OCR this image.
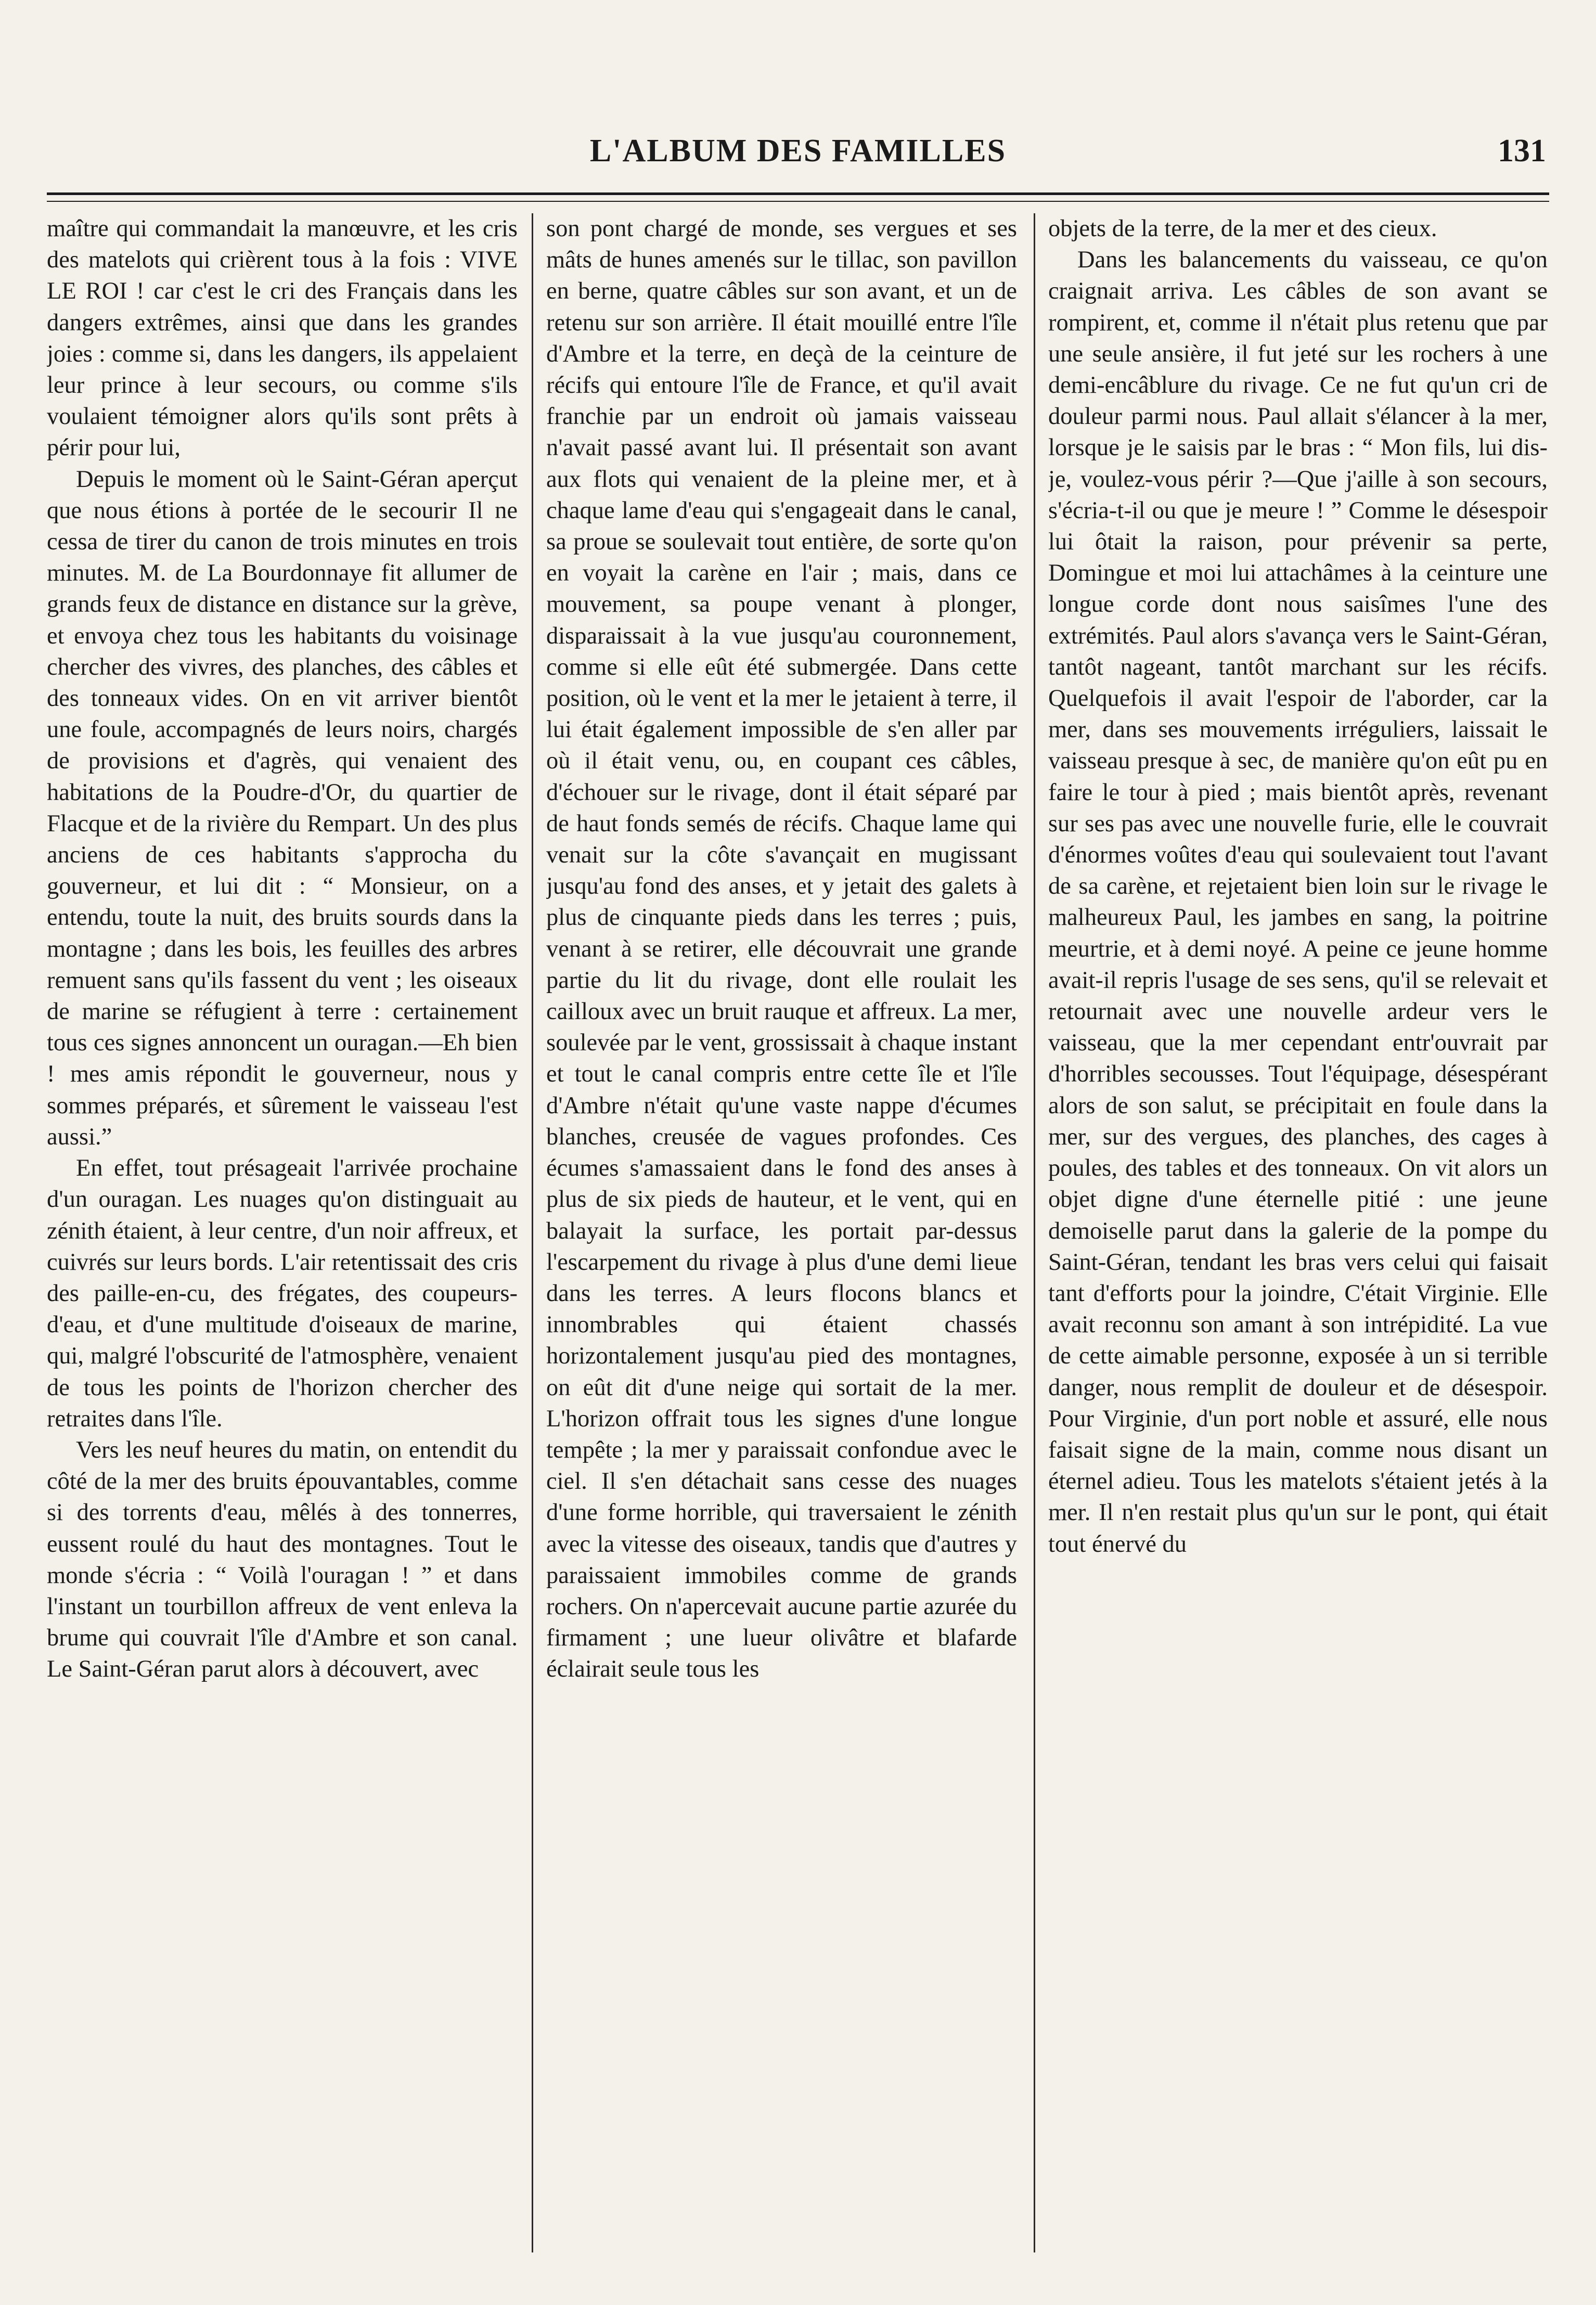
L'ALBUM DES FAMILLES	131

maître qui commandait la manœuvre, et les cris des matelots qui crièrent tous à la fois : VIVE LE ROI ! car c'est le cri des Français dans les dangers extrêmes, ainsi que dans les grandes joies : comme si, dans les dangers, ils appelaient leur prince à leur secours, ou comme s'ils voulaient témoigner alors qu'ils sont prêts à périr pour lui,

Depuis le moment où le Saint-Géran aperçut que nous étions à portée de le secourir Il ne cessa de tirer du canon de trois minutes en trois minutes. M. de La Bourdonnaye fit allumer de grands feux de distance en distance sur la grève, et envoya chez tous les habitants du voisinage chercher des vivres, des planches, des câbles et des tonneaux vides. On en vit arriver bientôt une foule, accompagnés de leurs noirs, chargés de provisions et d'agrès, qui venaient des habitations de la Poudre-d'Or, du quartier de Flacque et de la rivière du Rempart. Un des plus anciens de ces habitants s'approcha du gouverneur, et lui dit : “ Monsieur, on a entendu, toute la nuit, des bruits sourds dans la montagne ; dans les bois, les feuilles des arbres remuent sans qu'ils fassent du vent ; les oiseaux de marine se réfugient à terre : certainement tous ces signes annoncent un ouragan.—Eh bien ! mes amis répondit le gouverneur, nous y sommes préparés, et sûrement le vaisseau l'est aussi.”

En effet, tout présageait l'arrivée prochaine d'un ouragan. Les nuages qu'on distinguait au zénith étaient, à leur centre, d'un noir affreux, et cuivrés sur leurs bords. L'air retentissait des cris des paille-en-cu, des frégates, des coupeurs-d'eau, et d'une multitude d'oiseaux de marine, qui, malgré l'obscurité de l'atmosphère, venaient de tous les points de l'horizon chercher des retraites dans l'île.

Vers les neuf heures du matin, on entendit du côté de la mer des bruits épouvantables, comme si des torrents d'eau, mêlés à des tonnerres, eussent roulé du haut des montagnes. Tout le monde s'écria : “ Voilà l'ouragan ! ” et dans l'instant un tourbillon affreux de vent enleva la brume qui couvrait l'île d'Ambre et son canal. Le Saint-Géran parut alors à découvert, avec

son pont chargé de monde, ses vergues et ses mâts de hunes amenés sur le tillac, son pavillon en berne, quatre câbles sur son avant, et un de retenu sur son arrière. Il était mouillé entre l'île d'Ambre et la terre, en deçà de la ceinture de récifs qui entoure l'île de France, et qu'il avait franchie par un endroit où jamais vaisseau n'avait passé avant lui. Il présentait son avant aux flots qui venaient de la pleine mer, et à chaque lame d'eau qui s'engageait dans le canal, sa proue se soulevait tout entière, de sorte qu'on en voyait la carène en l'air ; mais, dans ce mouvement, sa poupe venant à plonger, disparaissait à la vue jusqu'au couronnement, comme si elle eût été submergée. Dans cette position, où le vent et la mer le jetaient à terre, il lui était également impossible de s'en aller par où il était venu, ou, en coupant ces câbles, d'échouer sur le rivage, dont il était séparé par de haut fonds semés de récifs. Chaque lame qui venait sur la côte s'avançait en mugissant jusqu'au fond des anses, et y jetait des galets à plus de cinquante pieds dans les terres ; puis, venant à se retirer, elle découvrait une grande partie du lit du rivage, dont elle roulait les cailloux avec un bruit rauque et affreux. La mer, soulevée par le vent, grossissait à chaque instant et tout le canal compris entre cette île et l'île d'Ambre n'était qu'une vaste nappe d'écumes blanches, creusée de vagues profondes. Ces écumes s'amassaient dans le fond des anses à plus de six pieds de hauteur, et le vent, qui en balayait la surface, les portait par-dessus l'escarpement du rivage à plus d'une demi lieue dans les terres. A leurs flocons blancs et innombrables qui étaient chassés horizontalement jusqu'au pied des montagnes, on eût dit d'une neige qui sortait de la mer. L'horizon offrait tous les signes d'une longue tempête ; la mer y paraissait confondue avec le ciel. Il s'en détachait sans cesse des nuages d'une forme horrible, qui traversaient le zénith avec la vitesse des oiseaux, tandis que d'autres y paraissaient immobiles comme de grands rochers. On n'apercevait aucune partie azurée du firmament ; une lueur olivâtre et blafarde éclairait seule tous les

objets de la terre, de la mer et des cieux.

Dans les balancements du vaisseau, ce qu'on craignait arriva. Les câbles de son avant se rompirent, et, comme il n'était plus retenu que par une seule ansière, il fut jeté sur les rochers à une demi-encâblure du rivage. Ce ne fut qu'un cri de douleur parmi nous. Paul allait s'élancer à la mer, lorsque je le saisis par le bras : “ Mon fils, lui dis-je, voulez-vous périr ?—Que j'aille à son secours, s'écria-t-il ou que je meure ! ” Comme le désespoir lui ôtait la raison, pour prévenir sa perte, Domingue et moi lui attachâmes à la ceinture une longue corde dont nous saisîmes l'une des extrémités. Paul alors s'avança vers le Saint-Géran, tantôt nageant, tantôt marchant sur les récifs. Quelquefois il avait l'espoir de l'aborder, car la mer, dans ses mouvements irréguliers, laissait le vaisseau presque à sec, de manière qu'on eût pu en faire le tour à pied ; mais bientôt après, revenant sur ses pas avec une nouvelle furie, elle le couvrait d'énormes voûtes d'eau qui soulevaient tout l'avant de sa carène, et rejetaient bien loin sur le rivage le malheureux Paul, les jambes en sang, la poitrine meurtrie, et à demi noyé. A peine ce jeune homme avait-il repris l'usage de ses sens, qu'il se relevait et retournait avec une nouvelle ardeur vers le vaisseau, que la mer cependant entr'ouvrait par d'horribles secousses. Tout l'équipage, désespérant alors de son salut, se précipitait en foule dans la mer, sur des vergues, des planches, des cages à poules, des tables et des tonneaux. On vit alors un objet digne d'une éternelle pitié : une jeune demoiselle parut dans la galerie de la pompe du Saint-Géran, tendant les bras vers celui qui faisait tant d'efforts pour la joindre, C'était Virginie. Elle avait reconnu son amant à son intrépidité. La vue de cette aimable personne, exposée à un si terrible danger, nous remplit de douleur et de désespoir. Pour Virginie, d'un port noble et assuré, elle nous faisait signe de la main, comme nous disant un éternel adieu. Tous les matelots s'étaient jetés à la mer. Il n'en restait plus qu'un sur le pont, qui était tout énervé du
